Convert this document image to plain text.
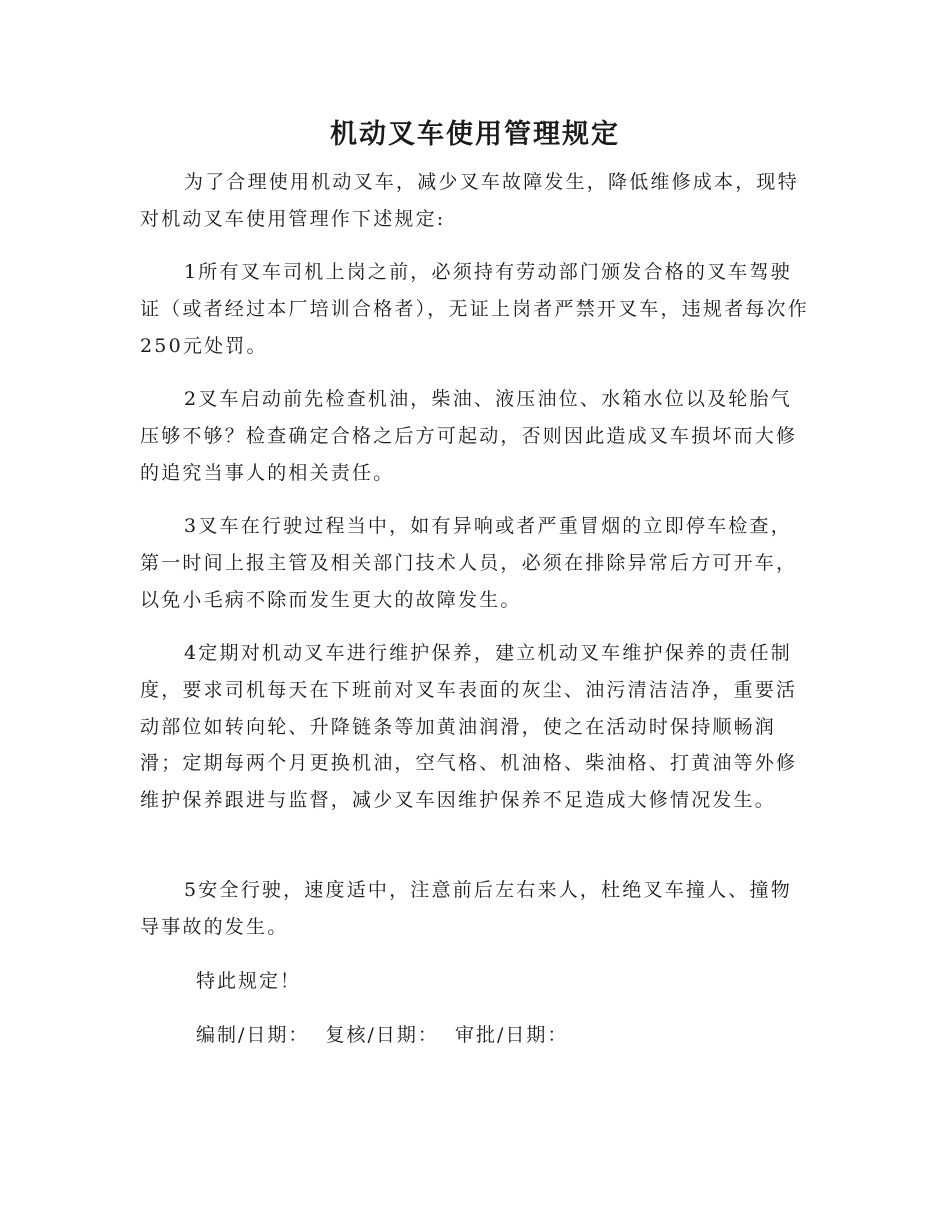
机动叉车使用管理规定

为了合理使用机动叉车，减少叉车故障发生，降低维修成本，现特对机动叉车使用管理作下述规定:

1所有叉车司机上岗之前，必须持有劳动部门颁发合格的叉车驾驶证（或者经过本厂培训合格者），无证上岗者严禁开叉车，违规者每次作250元处罚。

2叉车启动前先检查机油，柴油、液压油位、水箱水位以及轮胎气压够不够？检查确定合格之后方可起动，否则因此造成叉车损坏而大修的追究当事人的相关责任。

3叉车在行驶过程当中，如有异响或者严重冒烟的立即停车检查，第一时间上报主管及相关部门技术人员，必须在排除异常后方可开车，以免小毛病不除而发生更大的故障发生。

4定期对机动叉车进行维护保养，建立机动叉车维护保养的责任制度，要求司机每天在下班前对叉车表面的灰尘、油污清洁洁净，重要活动部位如转向轮、升降链条等加黄油润滑，使之在活动时保持顺畅润滑；定期每两个月更换机油，空气格、机油格、柴油格、打黄油等外修维护保养跟进与监督，减少叉车因维护保养不足造成大修情况发生。

5安全行驶，速度适中，注意前后左右来人，杜绝叉车撞人、撞物导事故的发生。

特此规定！

编制/日期：  复核/日期：  审批/日期：
